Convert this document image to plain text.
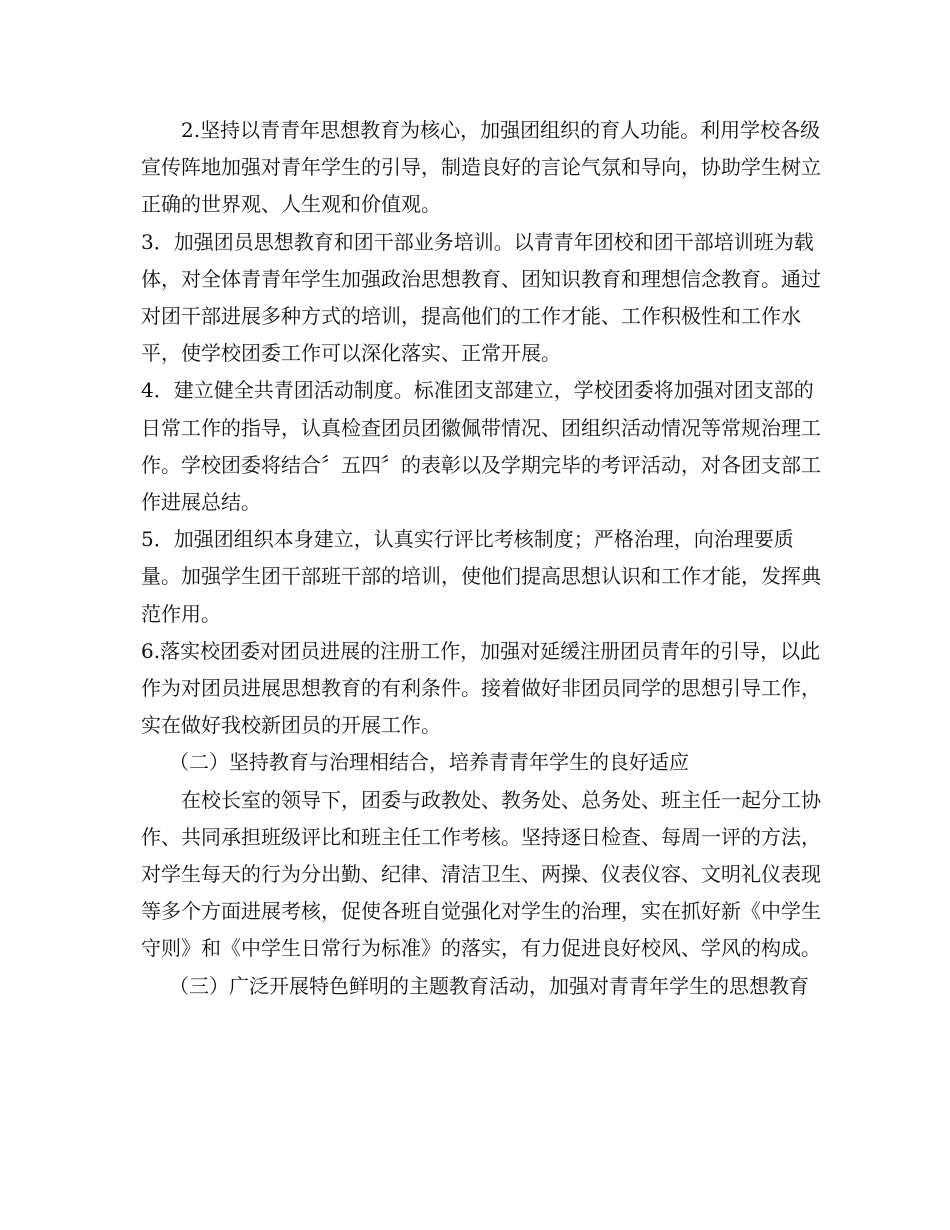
2.坚持以青青年思想教育为核心，加强团组织的育人功能。利用学校各级宣传阵地加强对青年学生的引导，制造良好的言论气氛和导向，协助学生树立正确的世界观、人生观和价值观。

3．加强团员思想教育和团干部业务培训。以青青年团校和团干部培训班为载体，对全体青青年学生加强政治思想教育、团知识教育和理想信念教育。通过对团干部进展多种方式的培训，提高他们的工作才能、工作积极性和工作水平，使学校团委工作可以深化落实、正常开展。

4．建立健全共青团活动制度。标准团支部建立，学校团委将加强对团支部的日常工作的指导，认真检查团员团徽佩带情况、团组织活动情况等常规治理工作。学校团委将结合〞五四〞的表彰以及学期完毕的考评活动，对各团支部工作进展总结。

5．加强团组织本身建立，认真实行评比考核制度；严格治理，向治理要质量。加强学生团干部班干部的培训，使他们提高思想认识和工作才能，发挥典范作用。

6.落实校团委对团员进展的注册工作，加强对延缓注册团员青年的引导，以此作为对团员进展思想教育的有利条件。接着做好非团员同学的思想引导工作，实在做好我校新团员的开展工作。

（二）坚持教育与治理相结合，培养青青年学生的良好适应

在校长室的领导下，团委与政教处、教务处、总务处、班主任一起分工协作、共同承担班级评比和班主任工作考核。坚持逐日检查、每周一评的方法，对学生每天的行为分出勤、纪律、清洁卫生、两操、仪表仪容、文明礼仪表现等多个方面进展考核，促使各班自觉强化对学生的治理，实在抓好新《中学生守则》和《中学生日常行为标准》的落实，有力促进良好校风、学风的构成。

（三）广泛开展特色鲜明的主题教育活动，加强对青青年学生的思想教育
